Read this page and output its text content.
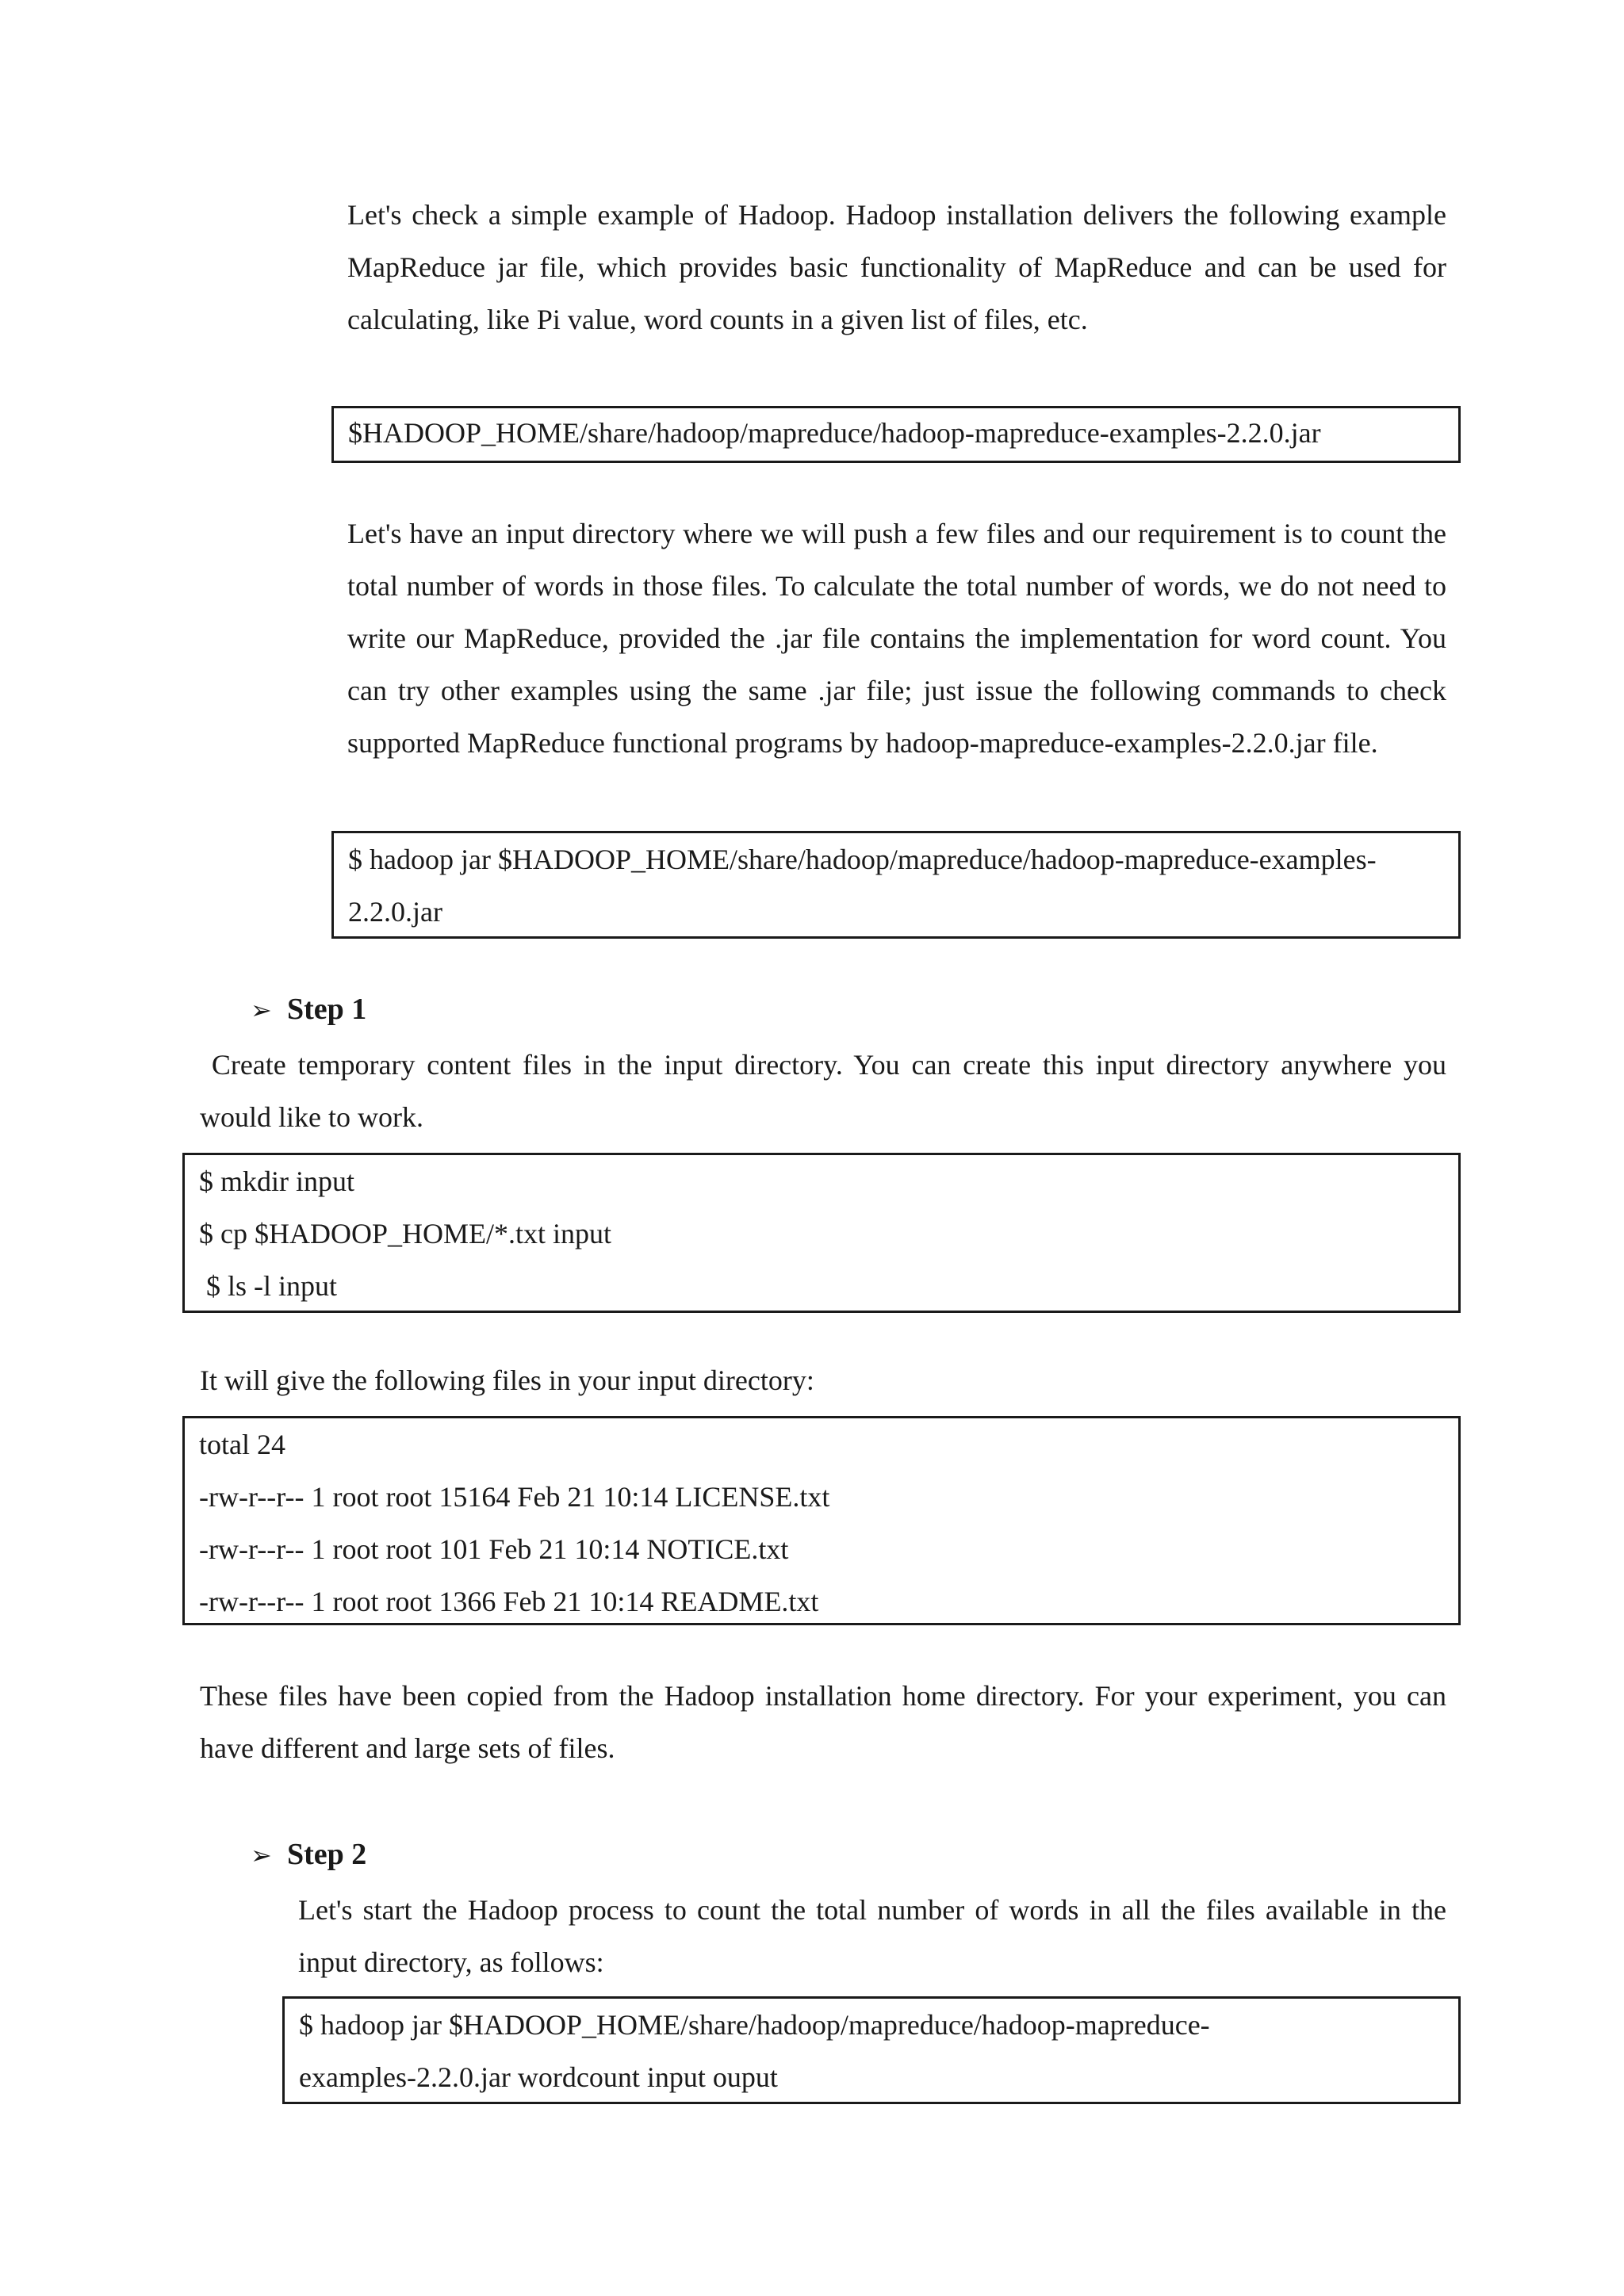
Let's check a simple example of Hadoop. Hadoop installation delivers the following example MapReduce jar file, which provides basic functionality of MapReduce and can be used for calculating, like Pi value, word counts in a given list of files, etc.

$HADOOP_HOME/share/hadoop/mapreduce/hadoop-mapreduce-examples-2.2.0.jar

Let's have an input directory where we will push a few files and our requirement is to count the total number of words in those files. To calculate the total number of words, we do not need to write our MapReduce, provided the .jar file contains the implementation for word count. You can try other examples using the same .jar file; just issue the following commands to check supported MapReduce functional programs by hadoop-mapreduce-examples-2.2.0.jar file.

$ hadoop jar $HADOOP_HOME/share/hadoop/mapreduce/hadoop-mapreduce-examples-
2.2.0.jar
➢ Step 1

Create temporary content files in the input directory. You can create this input directory anywhere you would like to work.

$ mkdir input
$ cp $HADOOP_HOME/*.txt input
$ ls -l input

It will give the following files in your input directory:

total 24
-rw-r--r-- 1 root root 15164 Feb 21 10:14 LICENSE.txt
-rw-r--r-- 1 root root 101 Feb 21 10:14 NOTICE.txt
-rw-r--r-- 1 root root 1366 Feb 21 10:14 README.txt

These files have been copied from the Hadoop installation home directory. For your experiment, you can have different and large sets of files.

➢ Step 2

Let's start the Hadoop process to count the total number of words in all the files available in the input directory, as follows:

$ hadoop jar $HADOOP_HOME/share/hadoop/mapreduce/hadoop-mapreduce-
examples-2.2.0.jar wordcount input ouput
